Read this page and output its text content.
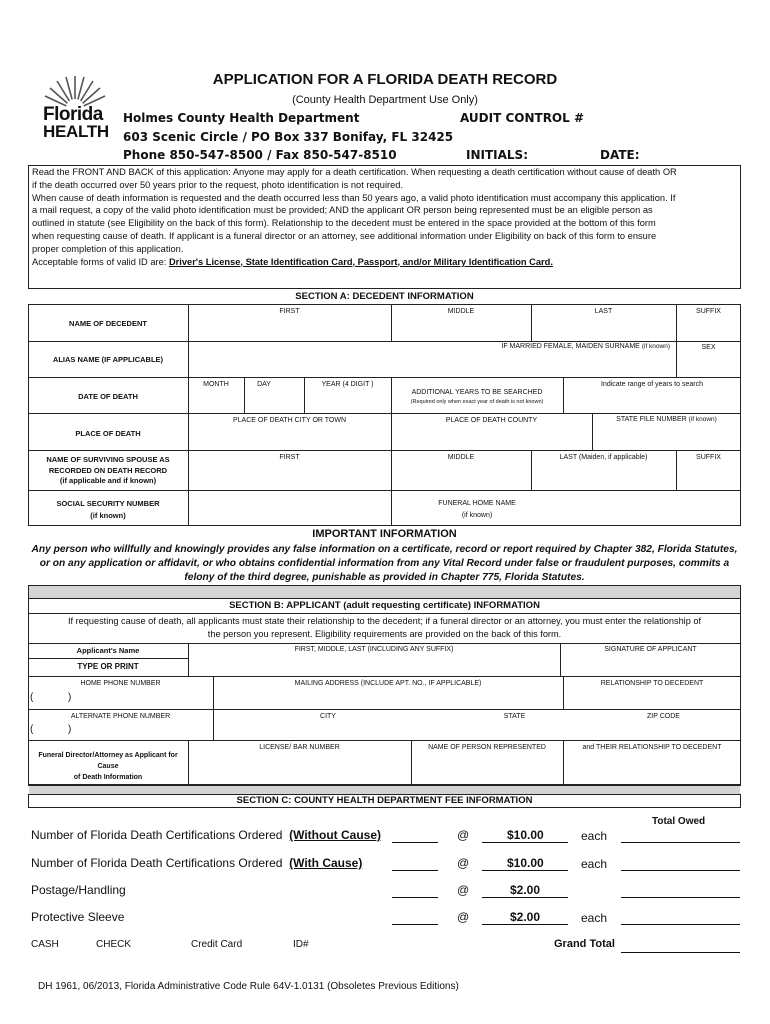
Florida
HEALTH
APPLICATION FOR A FLORIDA DEATH RECORD
(County Health Department Use Only)
Holmes County Health Department
603 Scenic Circle / PO Box 337 Bonifay, FL 32425
Phone 850-547-8500 / Fax 850-547-8510
AUDIT CONTROL #
INITIALS:	DATE:
Read the FRONT AND BACK of this application: Anyone may apply for a death certification. When requesting a death certification without cause of death OR
if the death occurred over 50 years prior to the request, photo identification is not required.
When cause of death information is requested and the death occurred less than 50 years ago, a valid photo identification must accompany this application. If
a mail request, a copy of the valid photo identification must be provided; AND the applicant OR person being represented must be an eligible person as
outlined in statute (see Eligibility on the back of this form). Relationship to the decedent must be entered in the space provided at the bottom of this form
when requesting cause of death. If applicant is a funeral director or an attorney, see additional information under Eligibility on back of this form to ensure
proper completion of this application.
Acceptable forms of valid ID are: Driver's License, State Identification Card, Passport, and/or Military Identification Card.
SECTION A: DECEDENT INFORMATION
NAME OF DECEDENT
FIRST	MIDDLE	LAST	SUFFIX
ALIAS NAME (IF APPLICABLE)
IF MARRIED FEMALE, MAIDEN SURNAME (if known)	SEX
DATE OF DEATH
MONTH	DAY	YEAR (4 DIGIT )
ADDITIONAL YEARS TO BE SEARCHED
(Required only when exact year of death is not known)
Indicate range of years to search
PLACE OF DEATH
PLACE OF DEATH CITY OR TOWN	PLACE OF DEATH COUNTY	STATE FILE NUMBER (if known)
NAME OF SURVIVING SPOUSE AS
RECORDED ON DEATH RECORD
(if applicable and if known)
FIRST	MIDDLE	LAST (Maiden, if applicable)	SUFFIX
SOCIAL SECURITY NUMBER
(if known)
FUNERAL HOME NAME
(if known)
IMPORTANT INFORMATION
Any person who willfully and knowingly provides any false information on a certificate, record or report required by Chapter 382, Florida Statutes,
or on any application or affidavit, or who obtains confidential information from any Vital Record under false or fraudulent purposes, commits a
felony of the third degree, punishable as provided in Chapter 775, Florida Statutes.
SECTION B: APPLICANT (adult requesting certificate) INFORMATION
If requesting cause of death, all applicants must state their relationship to the decedent; if a funeral director or an attorney, you must enter the relationship of
the person you represent. Eligibility requirements are provided on the back of this form.
Applicant's Name
TYPE OR PRINT
FIRST, MIDDLE, LAST (INCLUDING ANY SUFFIX)	SIGNATURE OF APPLICANT
HOME PHONE NUMBER
(	)
MAILING ADDRESS (INCLUDE APT. NO., IF APPLICABLE)	RELATIONSHIP TO DECEDENT
ALTERNATE PHONE NUMBER
(	)
CITY	STATE	ZIP CODE
Funeral Director/Attorney as Applicant for Cause
of Death Information
LICENSE/ BAR NUMBER	NAME OF PERSON REPRESENTED	and THEIR RELATIONSHIP TO DECEDENT
SECTION C: COUNTY HEALTH DEPARTMENT FEE INFORMATION
Total Owed
Number of Florida Death Certifications Ordered  (Without Cause)	@	$10.00	each
Number of Florida Death Certifications Ordered  (With Cause)	@	$10.00	each
Postage/Handling	@	$2.00
Protective Sleeve	@	$2.00	each
CASH	CHECK	Credit Card	ID#	Grand Total
DH 1961, 06/2013, Florida Administrative Code Rule 64V-1.0131 (Obsoletes Previous Editions)
